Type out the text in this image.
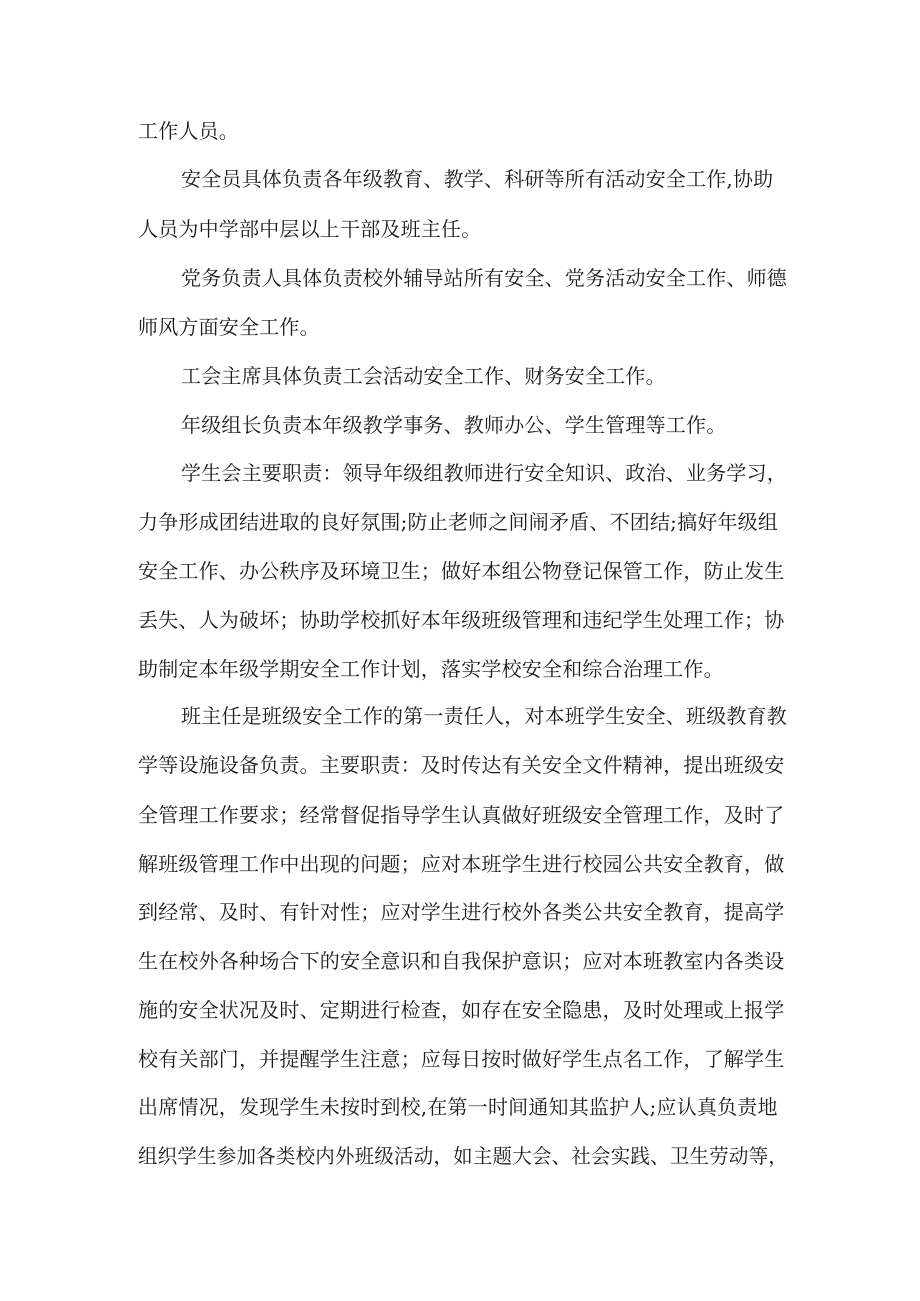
工作人员。
安全员具体负责各年级教育、教学、科研等所有活动安全工作,协助
人员为中学部中层以上干部及班主任。
党务负责人具体负责校外辅导站所有安全、党务活动安全工作、师德
师风方面安全工作。
工会主席具体负责工会活动安全工作、财务安全工作。
年级组长负责本年级教学事务、教师办公、学生管理等工作。
学生会主要职责：领导年级组教师进行安全知识、政治、业务学习，
力争形成团结进取的良好氛围;防止老师之间闹矛盾、不团结;搞好年级组
安全工作、办公秩序及环境卫生；做好本组公物登记保管工作，防止发生
丢失、人为破坏；协助学校抓好本年级班级管理和违纪学生处理工作；协
助制定本年级学期安全工作计划，落实学校安全和综合治理工作。
班主任是班级安全工作的第一责任人，对本班学生安全、班级教育教
学等设施设备负责。主要职责：及时传达有关安全文件精神，提出班级安
全管理工作要求；经常督促指导学生认真做好班级安全管理工作，及时了
解班级管理工作中出现的问题；应对本班学生进行校园公共安全教育，做
到经常、及时、有针对性；应对学生进行校外各类公共安全教育，提高学
生在校外各种场合下的安全意识和自我保护意识；应对本班教室内各类设
施的安全状况及时、定期进行检查，如存在安全隐患，及时处理或上报学
校有关部门，并提醒学生注意；应每日按时做好学生点名工作，了解学生
出席情况，发现学生未按时到校,在第一时间通知其监护人;应认真负责地
组织学生参加各类校内外班级活动，如主题大会、社会实践、卫生劳动等，
